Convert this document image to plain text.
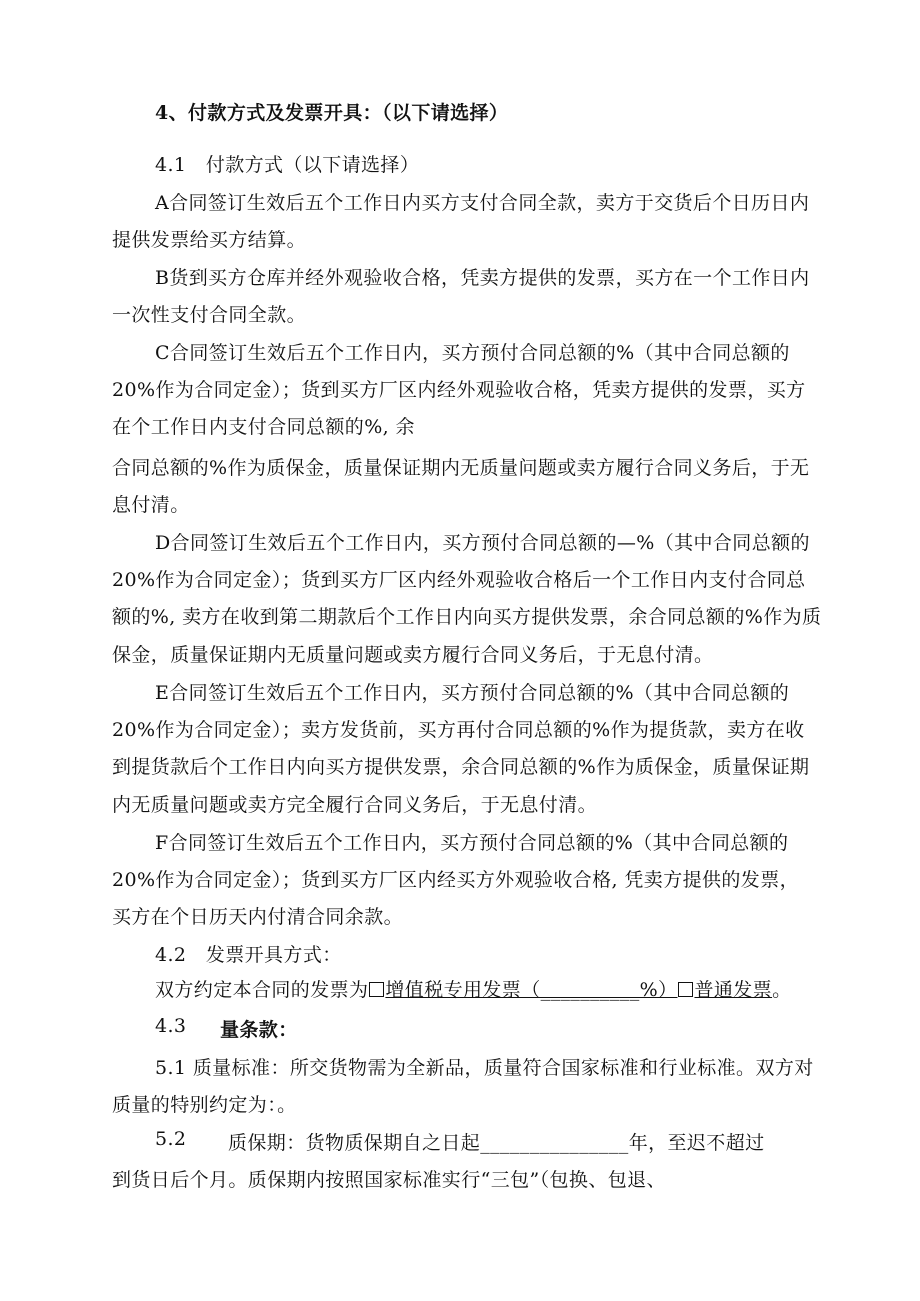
4、付款方式及发票开具：（以下请选择）
4.1　付款方式（以下请选择）
A合同签订生效后五个工作日内买方支付合同全款，卖方于交货后个日历日内
提供发票给买方结算。
B货到买方仓库并经外观验收合格，凭卖方提供的发票，买方在一个工作日内
一次性支付合同全款。
C合同签订生效后五个工作日内，买方预付合同总额的%（其中合同总额的
20%作为合同定金）；货到买方厂区内经外观验收合格，凭卖方提供的发票，买方
在个工作日内支付合同总额的%, 余
合同总额的%作为质保金，质量保证期内无质量问题或卖方履行合同义务后，于无
息付清。
D合同签订生效后五个工作日内，买方预付合同总额的—%（其中合同总额的
20%作为合同定金）；货到买方厂区内经外观验收合格后一个工作日内支付合同总
额的%, 卖方在收到第二期款后个工作日内向买方提供发票，余合同总额的%作为质
保金，质量保证期内无质量问题或卖方履行合同义务后，于无息付清。
E合同签订生效后五个工作日内，买方预付合同总额的%（其中合同总额的
20%作为合同定金）；卖方发货前，买方再付合同总额的%作为提货款，卖方在收
到提货款后个工作日内向买方提供发票，余合同总额的%作为质保金，质量保证期
内无质量问题或卖方完全履行合同义务后，于无息付清。
F合同签订生效后五个工作日内，买方预付合同总额的%（其中合同总额的
20%作为合同定金）；货到买方厂区内经买方外观验收合格, 凭卖方提供的发票，
买方在个日历天内付清合同余款。
4.2　发票开具方式：
双方约定本合同的发票为 增值税专用发票（__________%） 普通发票。
4.3 量条款：
5.1 质量标准：所交货物需为全新品，质量符合国家标准和行业标准。双方对
质量的特别约定为：。
5.2 质保期：货物质保期自之日起_______________年，至迟不超过
到货日后个月。质保期内按照国家标准实行“三包”（包换、包退、
